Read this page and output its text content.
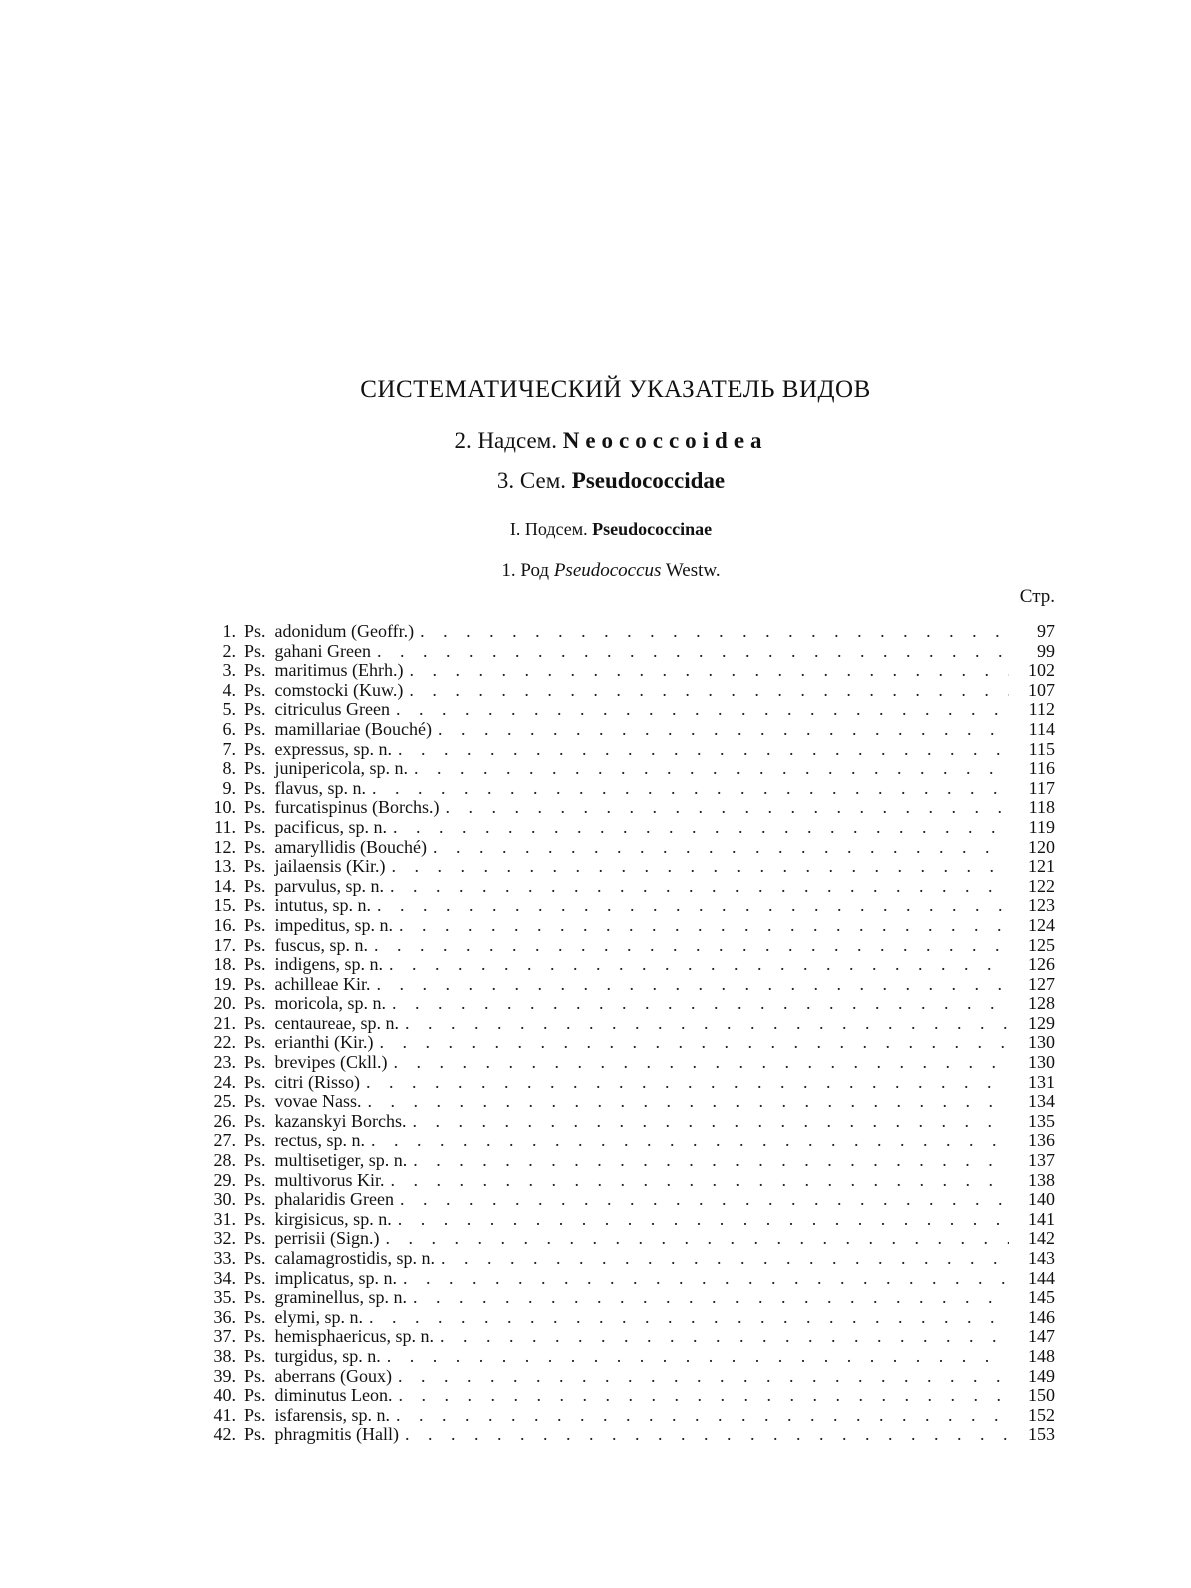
СИСТЕМАТИЧЕСКИЙ УКАЗАТЕЛЬ ВИДОВ
2. Надсем. Neococcoidea
3. Сем. Pseudococcidae
I. Подсем. Pseudococcinae
1. Род Pseudococcus Westw.
Стр.
1. Ps. adonidum (Geoffr.) . . .	97
2. Ps. gahani Green . . .	99
3. Ps. maritimus (Ehrh.) . . .	102
4. Ps. comstocki (Kuw.) . . .	107
5. Ps. citriculus Green . . .	112
6. Ps. mamillariae (Bouché) . . .	114
7. Ps. expressus, sp. n. . . .	115
8. Ps. junipericola, sp. n. . . .	116
9. Ps. flavus, sp. n. . . .	117
10. Ps. furcatispinus (Borchs.) . . .	118
11. Ps. pacificus, sp. n. . . .	119
12. Ps. amaryllidis (Bouché) . . .	120
13. Ps. jailaensis (Kir.) . . .	121
14. Ps. parvulus, sp. n. . . .	122
15. Ps. intutus, sp. n. . . .	123
16. Ps. impeditus, sp. n. . . .	124
17. Ps. fuscus, sp. n. . . .	125
18. Ps. indigens, sp. n. . . .	126
19. Ps. achilleae Kir. . . .	127
20. Ps. moricola, sp. n. . . .	128
21. Ps. centaureae, sp. n. . . .	129
22. Ps. erianthi (Kir.) . . .	130
23. Ps. brevipes (Ckll.) . . .	130
24. Ps. citri (Risso) . . .	131
25. Ps. vovae Nass. . . .	134
26. Ps. kazanskyi Borchs. . . .	135
27. Ps. rectus, sp. n. . . .	136
28. Ps. multisetiger, sp. n. . . .	137
29. Ps. multivorus Kir. . . .	138
30. Ps. phalaridis Green . . .	140
31. Ps. kirgisicus, sp. n. . . .	141
32. Ps. perrisii (Sign.) . . .	142
33. Ps. calamagrostidis, sp. n. . . .	143
34. Ps. implicatus, sp. n. . . .	144
35. Ps. graminellus, sp. n. . . .	145
36. Ps. elymi, sp. n. . . .	146
37. Ps. hemisphaericus, sp. n. . . .	147
38. Ps. turgidus, sp. n. . . .	148
39. Ps. aberrans (Goux) . . .	149
40. Ps. diminutus Leon. . . .	150
41. Ps. isfarensis, sp. n. . . .	152
42. Ps. phragmitis (Hall) . . .	153
